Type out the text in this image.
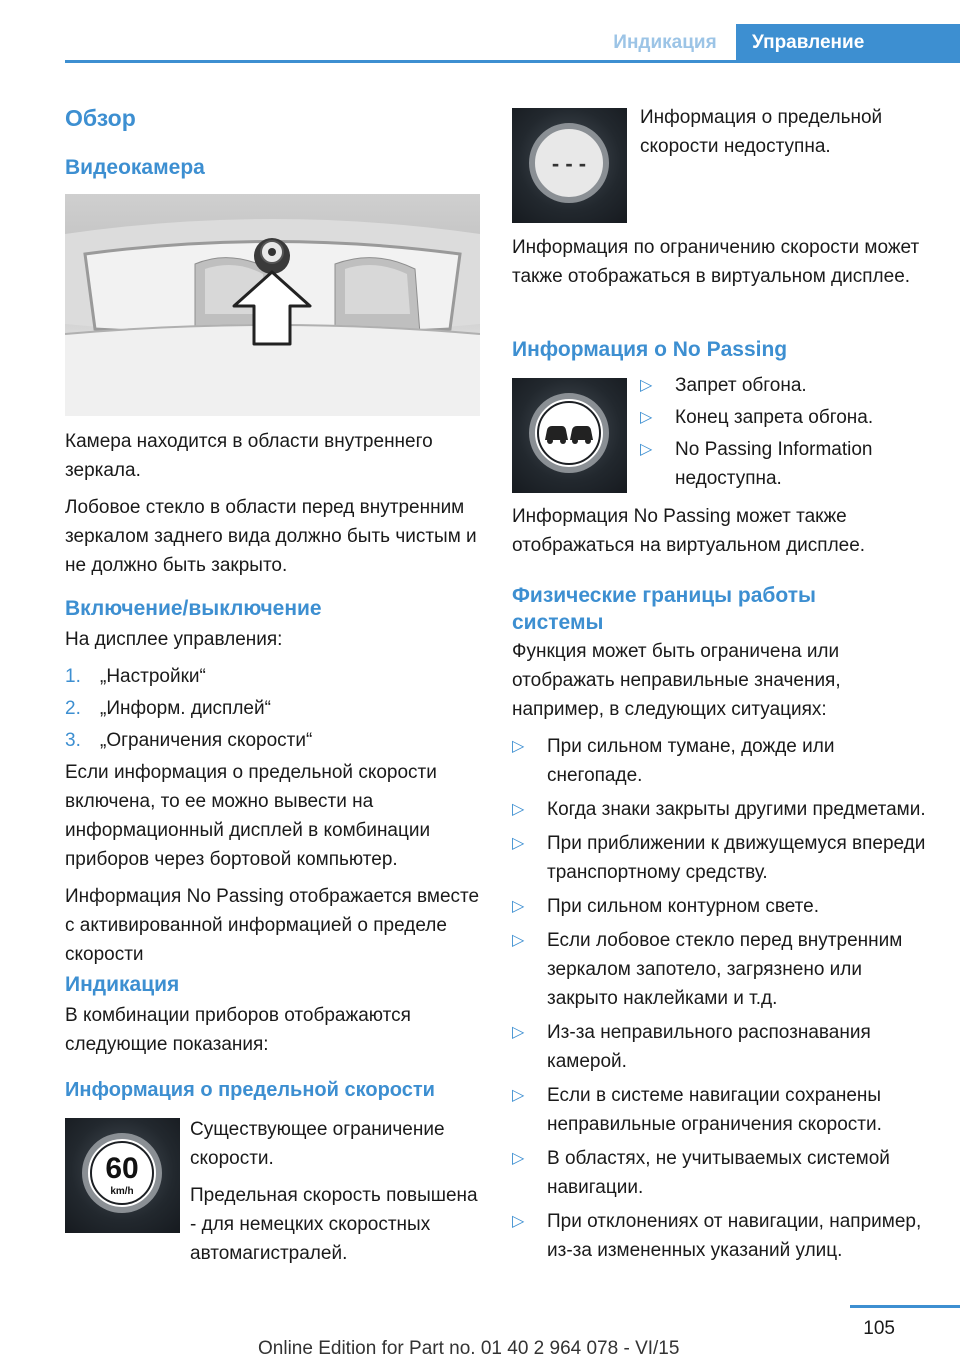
Индикация	Управление
Обзор
Видеокамера

Камера находится в области внутреннего зеркала.

Лобовое стекло в области перед внутренним зеркалом заднего вида должно быть чистым и не должно быть закрыто.

Включение/выключение

На дисплее управления:

1. „Настройки“
2. „Информ. дисплей“
3. „Ограничения скорости“

Если информация о предельной скорости включена, то ее можно вывести на информационный дисплей в комбинации приборов через бортовой компьютер.

Информация No Passing отображается вместе с активированной информацией о пределе скорости

Индикация

В комбинации приборов отображаются следующие показания:

Информация о предельной скорости
60
km/h

Существующее ограничение скорости.

Предельная скорость повышена - для немецких скоростных автомагистралей.

- - -

Информация о предельной скорости недоступна.

Информация по ограничению скорости может также отображаться в виртуальном дисплее.

Информация о No Passing
▷ Запрет обгона.
▷ Конец запрета обгона.
▷ No Passing Information недоступна.

Информация No Passing может также отображаться на виртуальном дисплее.

Физические границы работы системы

Функция может быть ограничена или отображать неправильные значения, например, в следующих ситуациях:

▷ При сильном тумане, дожде или снегопаде.
▷ Когда знаки закрыты другими предметами.
▷ При приближении к движущемуся впереди транспортному средству.
▷ При сильном контурном свете.
▷ Если лобовое стекло перед внутренним зеркалом запотело, загрязнено или закрыто наклейками и т.д.
▷ Из-за неправильного распознавания камерой.
▷ Если в системе навигации сохранены неправильные ограничения скорости.
▷ В областях, не учитываемых системой навигации.
▷ При отклонениях от навигации, например, из-за измененных указаний улиц.
105
Online Edition for Part no. 01 40 2 964 078 - VI/15
